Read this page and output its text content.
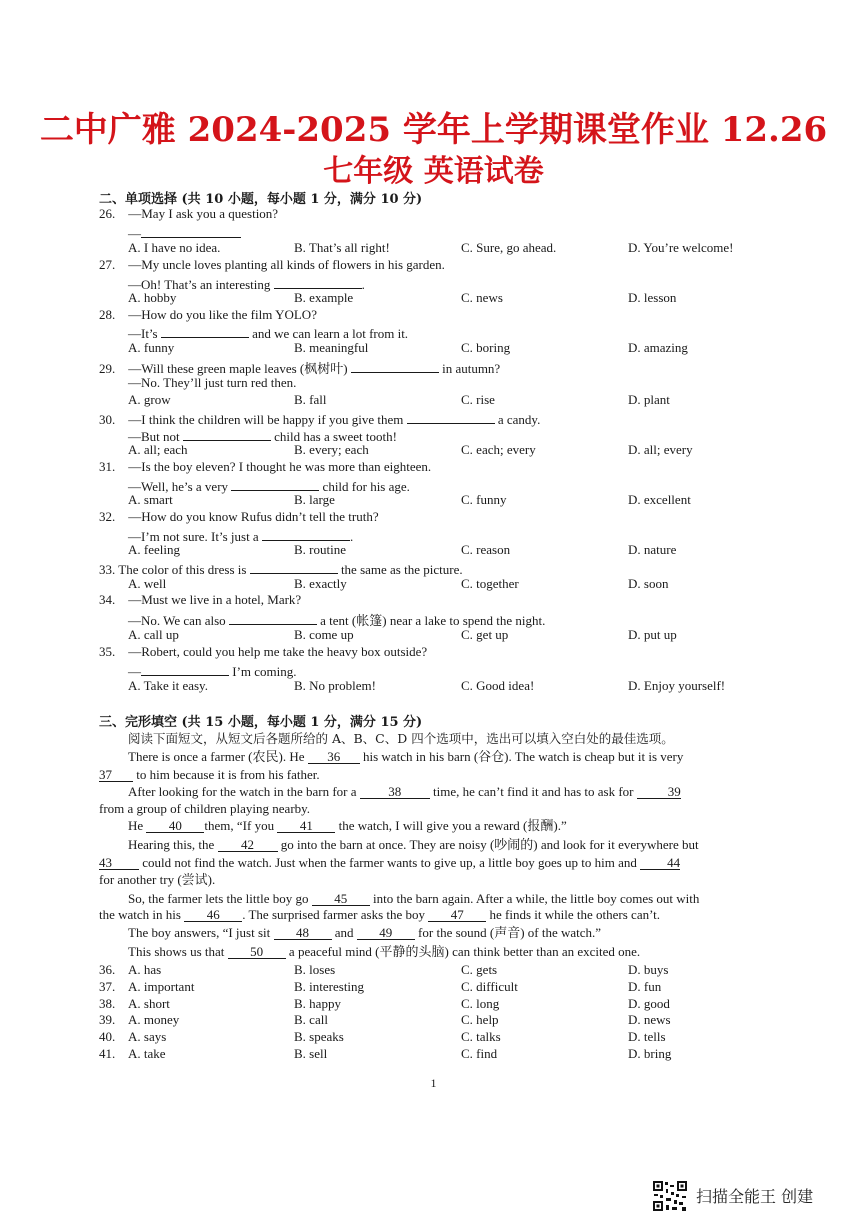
二中广雅 2024-2025 学年上学期课堂作业 12.26
七年级 英语试卷
二、单项选择 (共 10 小题，每小题 1 分，满分 10 分)
26. —May I ask you a question?
—
A. I have no idea.	B. That’s all right!	C. Sure, go ahead.	D. You’re welcome!
27. —My uncle loves planting all kinds of flowers in his garden.
—Oh! That’s an interesting	.
A. hobby	B. example	C. news	D. lesson
28. —How do you like the film YOLO?
—It’s	and we can learn a lot from it.
A. funny	B. meaningful	C. boring	D. amazing
29. —Will these green maple leaves (枫树叶)	in autumn?
—No. They’ll just turn red then.
A. grow	B. fall	C. rise	D. plant
30. —I think the children will be happy if you give them	a candy.
—But not	child has a sweet tooth!
A. all; each	B. every; each	C. each; every	D. all; every
31. —Is the boy eleven? I thought he was more than eighteen.
—Well, he’s a very	child for his age.
A. smart	B. large	C. funny	D. excellent
32. —How do you know Rufus didn’t tell the truth?
—I’m not sure. It’s just a	.
A. feeling	B. routine	C. reason	D. nature
33. The color of this dress is	the same as the picture.
A. well	B. exactly	C. together	D. soon
34. —Must we live in a hotel, Mark?
—No. We can also	a tent (帐篷) near a lake to spend the night.
A. call up	B. come up	C. get up	D. put up
35. —Robert, could you help me take the heavy box outside?
—	I’m coming.
A. Take it easy.	B. No problem!	C. Good idea!	D. Enjoy yourself!
三、完形填空 (共 15 小题，每小题 1 分，满分 15 分)
阅读下面短文，从短文后各题所给的 A、B、C、D 四个选项中，选出可以填入空白处的最佳选项。
There is once a farmer (农民). He 36 his watch in his barn (谷仓). The watch is cheap but it is very
37 to him because it is from his father.
After looking for the watch in the barn for a 38 time, he can’t find it and has to ask for	39
from a group of children playing nearby.
He 40 them, “If you 41 the watch, I will give you a reward (报酬).”
Hearing this, the 42 go into the barn at once. They are noisy (吵闹的) and look for it everywhere but
43 could not find the watch. Just when the farmer wants to give up, a little boy goes up to him and 44
for another try (尝试).
So, the farmer lets the little boy go 45 into the barn again. After a while, the little boy comes out with
the watch in his 46 . The surprised farmer asks the boy 47 he finds it while the others can’t.
The boy answers, “I just sit 48 and 49 for the sound (声音) of the watch.”
This shows us that 50 a peaceful mind (平静的头脑) can think better than an excited one.
36. A. has	B. loses	C. gets	D. buys
37. A. important	B. interesting	C. difficult	D. fun
38. A. short	B. happy	C. long	D. good
39. A. money	B. call	C. help	D. news
40. A. says	B. speaks	C. talks	D. tells
41. A. take	B. sell	C. find	D. bring
1
扫描全能王 创建
